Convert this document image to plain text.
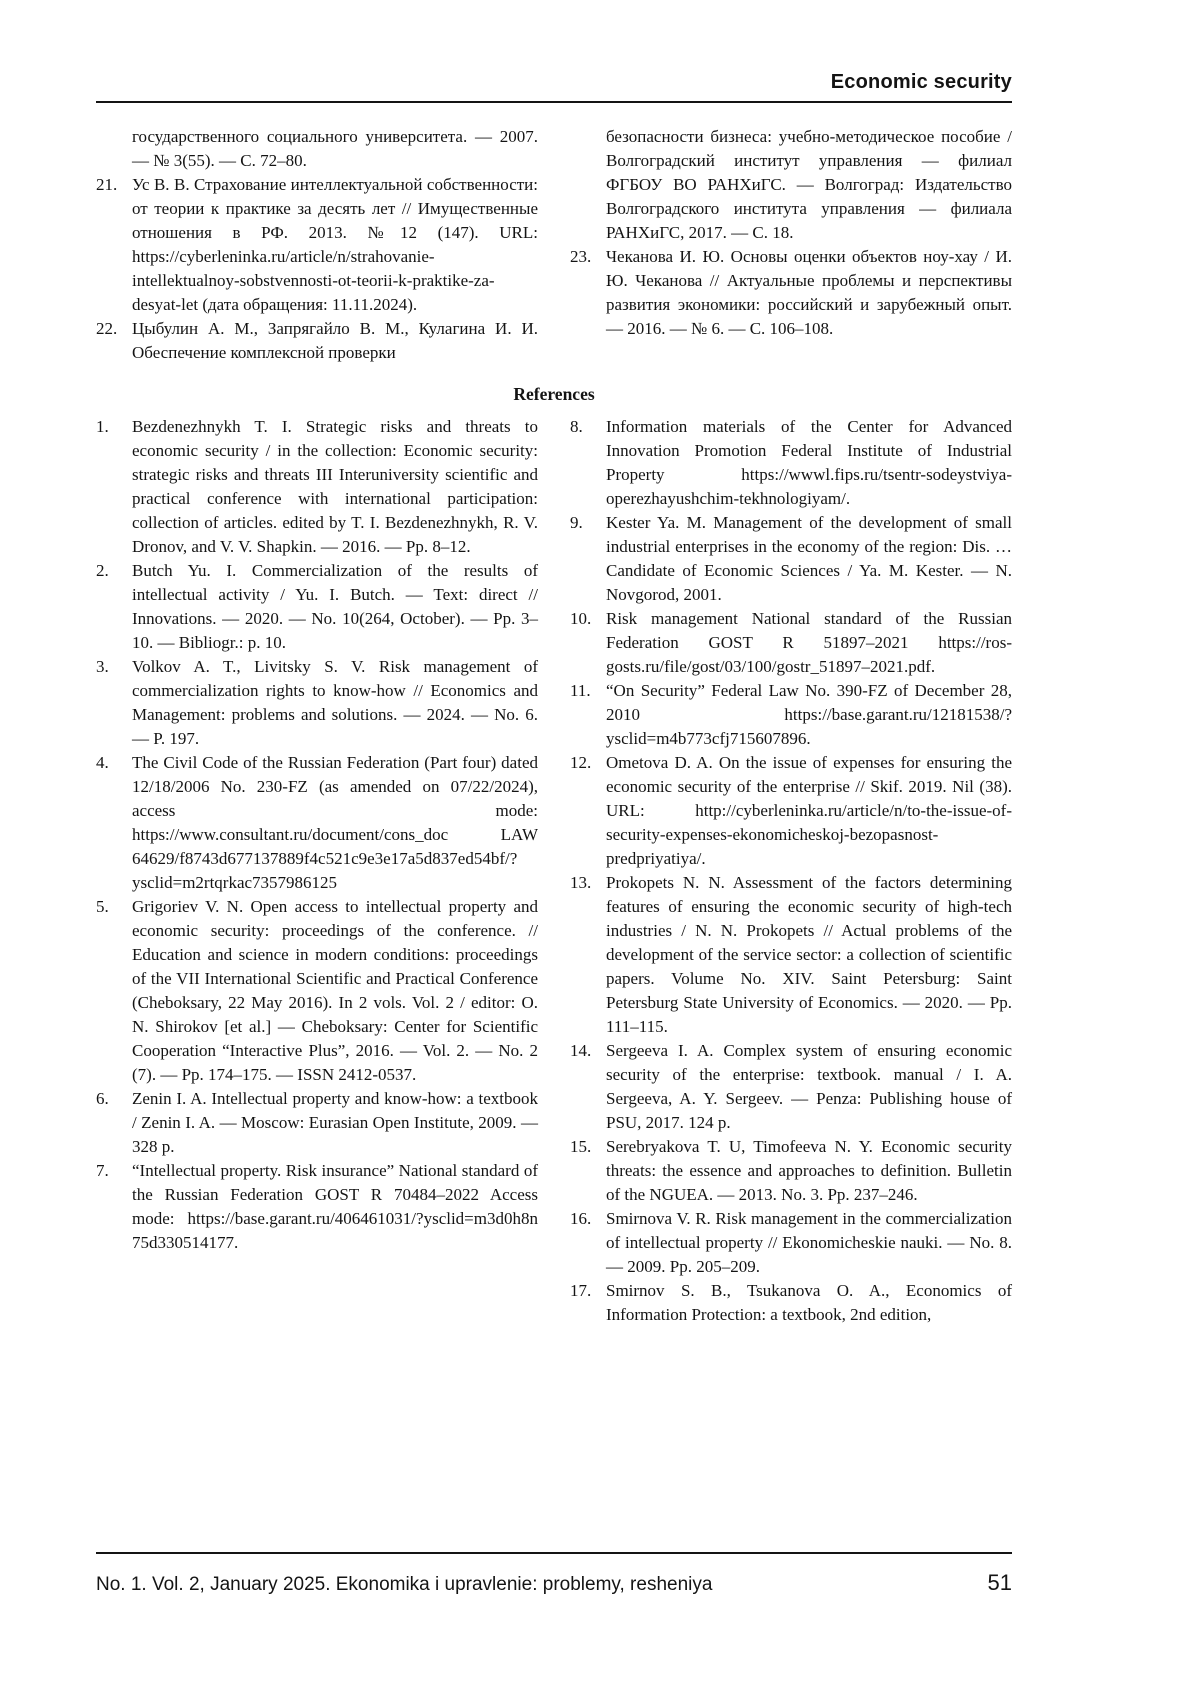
Economic security
государственного социального университета. — 2007. — № 3(55). — С. 72–80.
21. Ус В. В. Страхование интеллектуальной собственности: от теории к практике за десять лет // Имущественные отношения в РФ. 2013. №12 (147). URL: https://cyberleninka.ru/article/n/strahovanie-intellektualnoy-sobstvennosti-ot-teorii-k-praktike-za-desyat-let (дата обращения: 11.11.2024).
22. Цыбулин А. М., Запрягайло В. М., Кулагина И. И. Обеспечение комплексной проверки
безопасности бизнеса: учебно-методическое пособие / Волгоградский институт управления — филиал ФГБОУ ВО РАНХиГС. — Волгоград: Издательство Волгоградского института управления — филиала РАНХиГС, 2017. — С. 18.
23. Чеканова И. Ю. Основы оценки объектов ноу-хау / И. Ю. Чеканова // Актуальные проблемы и перспективы развития экономики: российский и зарубежный опыт. — 2016. — № 6. — С. 106–108.
References
1.	Bezdenezhnykh T. I. Strategic risks and threats to economic security / in the collection: Economic security: strategic risks and threats III Interuniversity scientific and practical conference with international participation: collection of articles. edited by T. I. Bezdenezhnykh, R. V. Dronov, and V. V. Shapkin. — 2016. — Pp. 8–12.
2.	Butch Yu. I. Commercialization of the results of intellectual activity / Yu. I. Butch. — Text: direct // Innovations. — 2020. — No. 10(264, October). — Pp. 3–10. — Bibliogr.: p. 10.
3.	Volkov A. T., Livitsky S. V. Risk management of commercialization rights to know-how // Economics and Management: problems and solutions. — 2024. — No. 6. — P. 197.
4.	The Civil Code of the Russian Federation (Part four) dated 12/18/2006 No. 230-FZ (as amended on 07/22/2024), access mode: https://www.consultant.ru/document/cons_doc LAW 64629/f8743d677137889f4c521c9e3e17a5d837ed54bf/?ysclid=m2rtqrkac7357986125
5.	Grigoriev V. N. Open access to intellectual property and economic security: proceedings of the conference. // Education and science in modern conditions: proceedings of the VII International Scientific and Practical Conference (Cheboksary, 22 May 2016). In 2 vols. Vol. 2 / editor: O. N. Shirokov [et al.] — Cheboksary: Center for Scientific Cooperation “Interactive Plus”, 2016. — Vol. 2. — No. 2 (7). — Pp. 174–175. — ISSN 2412-0537.
6.	Zenin I. A. Intellectual property and know-how: a textbook / Zenin I. A. — Moscow: Eurasian Open Institute, 2009. — 328 p.
7.	“Intellectual property. Risk insurance” National standard of the Russian Federation GOST R 70484–2022 Access mode: https://base.garant.ru/406461031/?ysclid=m3d0h8n 75d330514177.
8.	Information materials of the Center for Advanced Innovation Promotion Federal Institute of Industrial Property https://wwwl.fips.ru/tsentr-sodeystviya-operezhayushchim-tekhnologiyam/.
9.	Kester Ya. M. Management of the development of small industrial enterprises in the economy of the region: Dis. … Candidate of Economic Sciences / Ya. M. Kester. — N. Novgorod, 2001.
10. Risk management National standard of the Russian Federation GOST R 51897–2021 https://ros-gosts.ru/file/gost/03/100/gostr_51897–2021.pdf.
11. “On Security” Federal Law No. 390-FZ of December 28, 2010 https://base.garant.ru/12181538/?ysclid=m4b773cfj715607896.
12. Ometova D. A. On the issue of expenses for ensuring the economic security of the enterprise // Skif. 2019. Nil (38). URL: http://cyberleninka.ru/article/n/to-the-issue-of-security-expenses-ekonomicheskoj-bezopasnost-predpriyatiya/.
13. Prokopets N. N. Assessment of the factors determining features of ensuring the economic security of high-tech industries / N. N. Prokopets // Actual problems of the development of the service sector: a collection of scientific papers. Volume No. XIV. Saint Petersburg: Saint Petersburg State University of Economics. — 2020. — Pp. 111–115.
14. Sergeeva I. A. Complex system of ensuring economic security of the enterprise: textbook. manual / I. A. Sergeeva, A. Y. Sergeev. — Penza: Publishing house of PSU, 2017. 124 p.
15. Serebryakova T. U, Timofeeva N. Y. Economic security threats: the essence and approaches to definition. Bulletin of the NGUEA. — 2013. No. 3. Pp. 237–246.
16. Smirnova V. R. Risk management in the commercialization of intellectual property // Ekonomicheskie nauki. — No. 8. — 2009. Pp. 205–209.
17. Smirnov S. B., Tsukanova O. A., Economics of Information Protection: a textbook, 2nd edition,
No. 1. Vol. 2, January 2025. Ekonomika i upravlenie: problemy, resheniya	51
